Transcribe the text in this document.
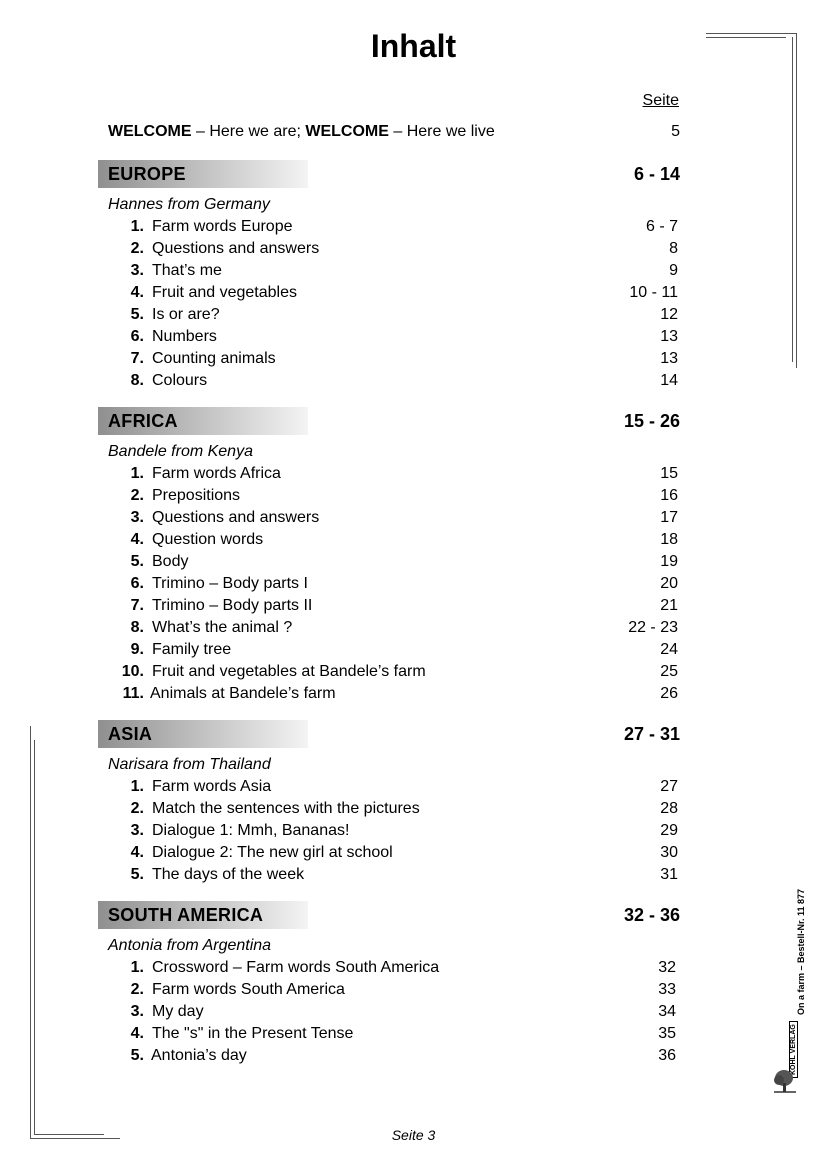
Inhalt
Seite
WELCOME – Here we are; WELCOME – Here we live	5
EUROPE	6 - 14
Hannes from Germany
1. Farm words Europe	6 - 7
2. Questions and answers	8
3. That’s me	9
4. Fruit and vegetables	10 - 11
5. Is or are?	12
6. Numbers	13
7. Counting animals	13
8. Colours	14
AFRICA	15 - 26
Bandele from Kenya
1. Farm words Africa	15
2. Prepositions	16
3. Questions and answers	17
4. Question words	18
5. Body	19
6. Trimino – Body parts I	20
7. Trimino – Body parts II	21
8. What’s the animal ?	22 - 23
9. Family tree	24
10. Fruit and vegetables at Bandele’s farm	25
11. Animals at Bandele’s farm	26
ASIA	27 - 31
Narisara from Thailand
1. Farm words Asia	27
2. Match the sentences with the pictures	28
3. Dialogue 1: Mmh, Bananas!	29
4. Dialogue 2: The new girl at school	30
5. The days of the week	31
SOUTH AMERICA	32 - 36
Antonia from Argentina
1. Crossword – Farm words South America	32
2. Farm words South America	33
3. My day	34
4. The "s" in the Present Tense	35
5. Antonia’s day	36
Seite 3
On a farm – Bestell-Nr. 11 877
KOHL VERLAG
